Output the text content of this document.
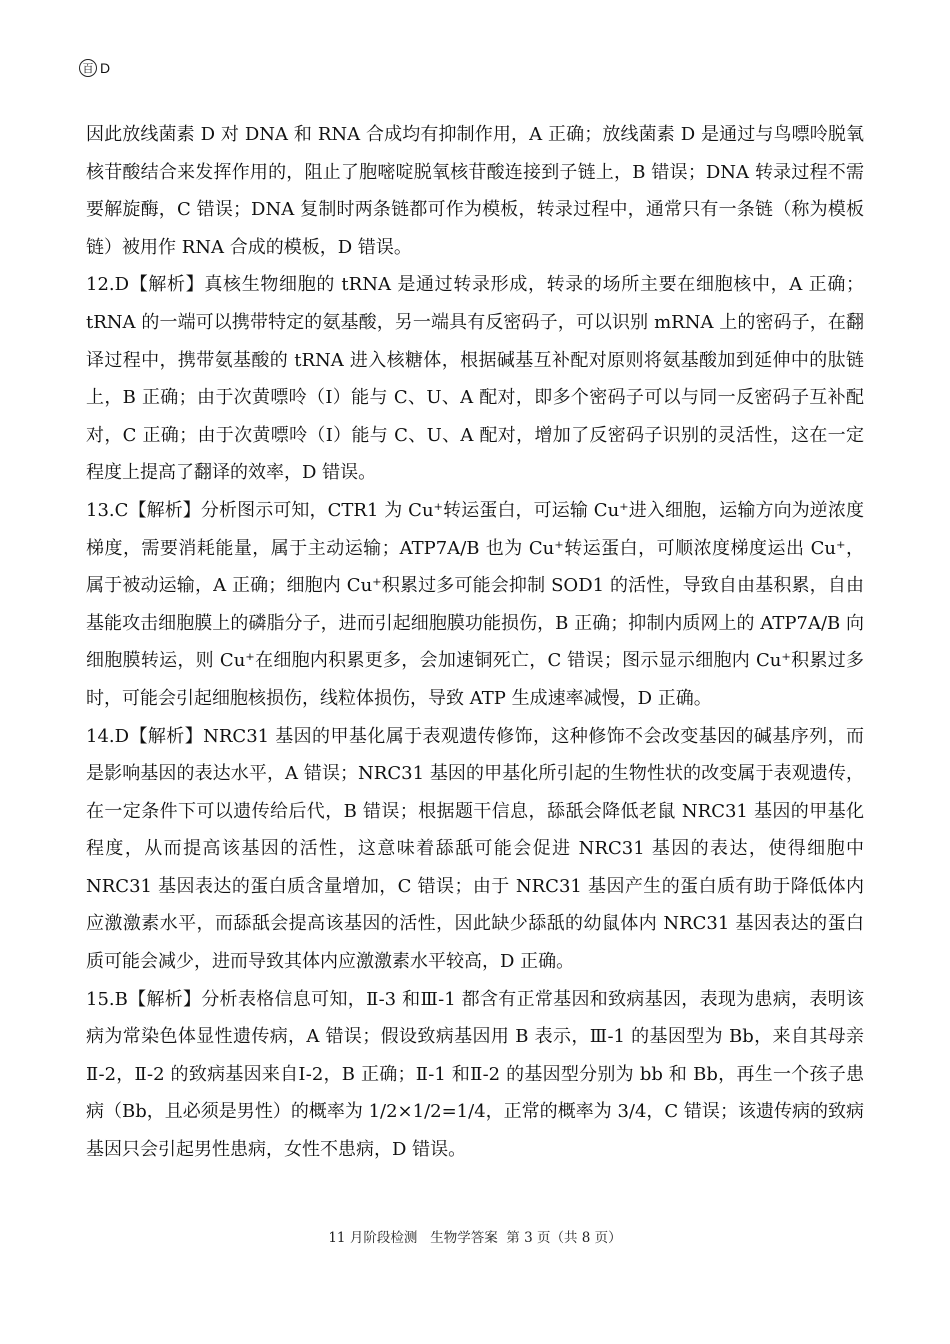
百 D

因此放线菌素 D 对 DNA 和 RNA 合成均有抑制作用，A 正确；放线菌素 D 是通过与鸟嘌呤脱氧核苷酸结合来发挥作用的，阻止了胞嘧啶脱氧核苷酸连接到子链上，B 错误；DNA 转录过程不需要解旋酶，C 错误；DNA 复制时两条链都可作为模板，转录过程中，通常只有一条链（称为模板链）被用作 RNA 合成的模板，D 错误。

12.D【解析】真核生物细胞的 tRNA 是通过转录形成，转录的场所主要在细胞核中，A 正确；tRNA 的一端可以携带特定的氨基酸，另一端具有反密码子，可以识别 mRNA 上的密码子，在翻译过程中，携带氨基酸的 tRNA 进入核糖体，根据碱基互补配对原则将氨基酸加到延伸中的肽链上，B 正确；由于次黄嘌呤（I）能与 C、U、A 配对，即多个密码子可以与同一反密码子互补配对，C 正确；由于次黄嘌呤（I）能与 C、U、A 配对，增加了反密码子识别的灵活性，这在一定程度上提高了翻译的效率，D 错误。

13.C【解析】分析图示可知，CTR1 为 Cu⁺转运蛋白，可运输 Cu⁺进入细胞，运输方向为逆浓度梯度，需要消耗能量，属于主动运输；ATP7A/B 也为 Cu⁺转运蛋白，可顺浓度梯度运出 Cu⁺，属于被动运输，A 正确；细胞内 Cu⁺积累过多可能会抑制 SOD1 的活性，导致自由基积累，自由基能攻击细胞膜上的磷脂分子，进而引起细胞膜功能损伤，B 正确；抑制内质网上的 ATP7A/B 向细胞膜转运，则 Cu⁺在细胞内积累更多，会加速铜死亡，C 错误；图示显示细胞内 Cu⁺积累过多时，可能会引起细胞核损伤，线粒体损伤，导致 ATP 生成速率减慢，D 正确。

14.D【解析】NRC31 基因的甲基化属于表观遗传修饰，这种修饰不会改变基因的碱基序列，而是影响基因的表达水平，A 错误；NRC31 基因的甲基化所引起的生物性状的改变属于表观遗传，在一定条件下可以遗传给后代，B 错误；根据题干信息，舔舐会降低老鼠 NRC31 基因的甲基化程度，从而提高该基因的活性，这意味着舔舐可能会促进 NRC31 基因的表达，使得细胞中 NRC31 基因表达的蛋白质含量增加，C 错误；由于 NRC31 基因产生的蛋白质有助于降低体内应激激素水平，而舔舐会提高该基因的活性，因此缺少舔舐的幼鼠体内 NRC31 基因表达的蛋白质可能会减少，进而导致其体内应激激素水平较高，D 正确。

15.B【解析】分析表格信息可知，Ⅱ-3 和Ⅲ-1 都含有正常基因和致病基因，表现为患病，表明该病为常染色体显性遗传病，A 错误；假设致病基因用 B 表示，Ⅲ-1 的基因型为 Bb，来自其母亲Ⅱ-2，Ⅱ-2 的致病基因来自Ⅰ-2，B 正确；Ⅱ-1 和Ⅱ-2 的基因型分别为 bb 和 Bb，再生一个孩子患病（Bb，且必须是男性）的概率为 1/2×1/2=1/4，正常的概率为 3/4，C 错误；该遗传病的致病基因只会引起男性患病，女性不患病，D 错误。

11 月阶段检测 生物学答案 第 3 页（共 8 页）
